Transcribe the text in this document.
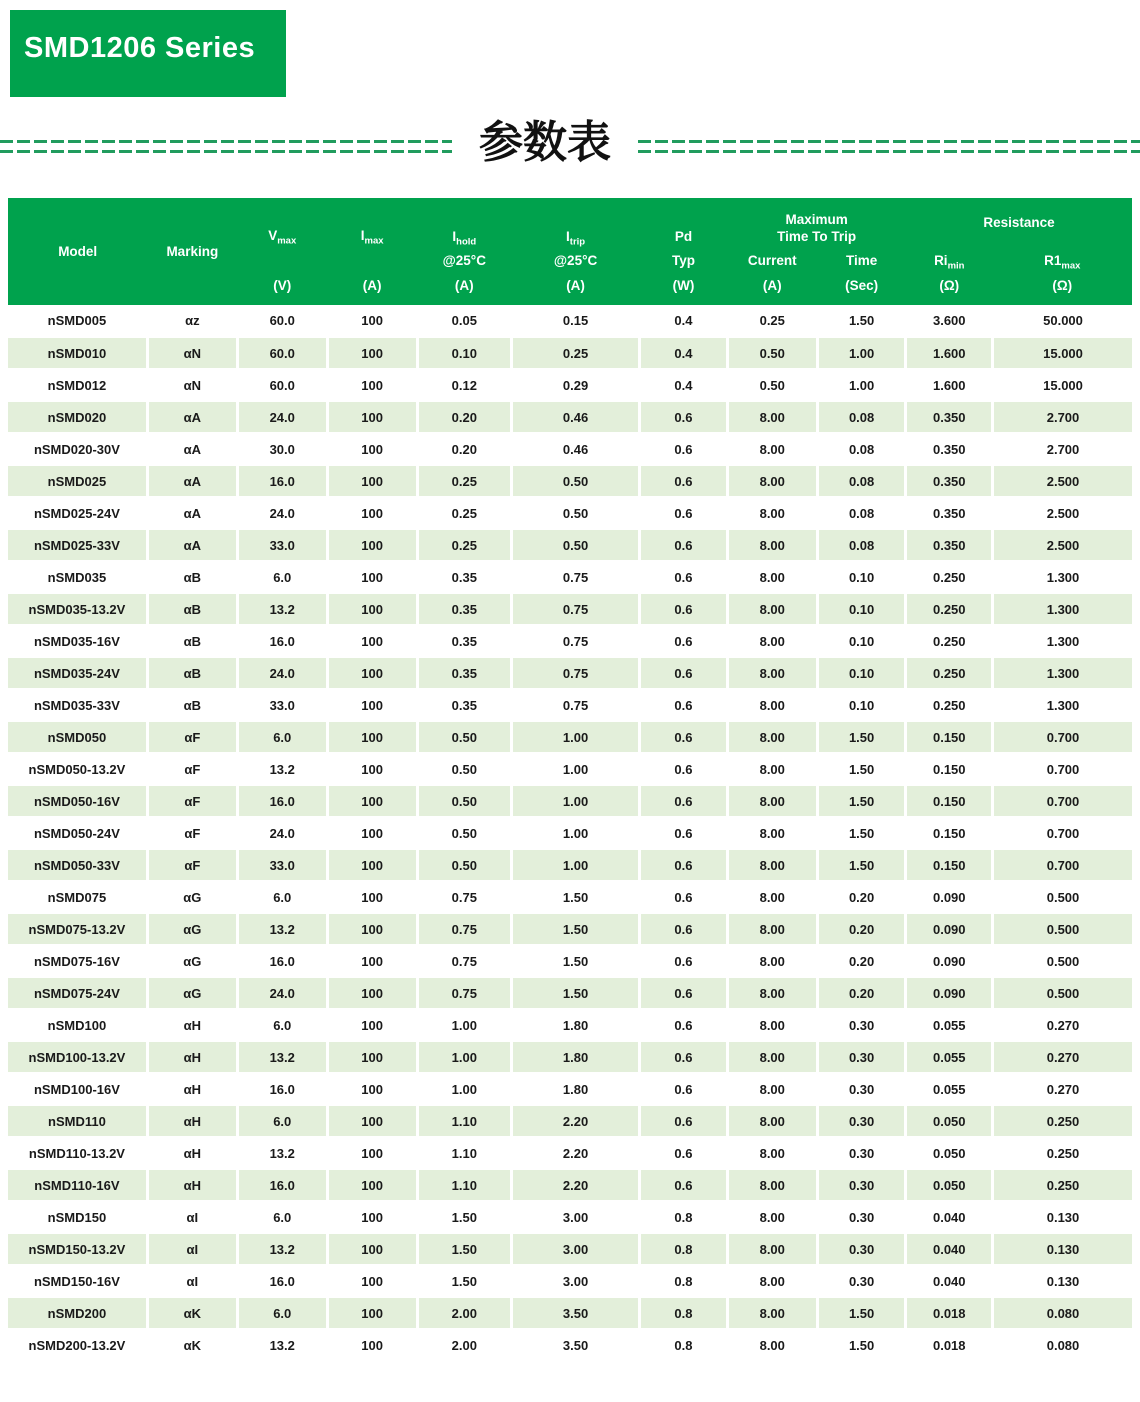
SMD1206 Series
参数表
Model	Marking	$V_{max}$	$I_{max}$	$I_{hold}$	$I_{trip}$	Pd	Maximum
Time To Trip		Resistance	
				@25°C	@25°C	Typ	Current	Time	$Ri_{min}$	$R1_{max}$
		(V)	(A)	(A)	(A)	(W)	(A)	(Sec)	(Ω)	(Ω)
nSMD005	αz	60.0	100	0.05	0.15	0.4	0.25	1.50	3.600	50.000
nSMD010	αN	60.0	100	0.10	0.25	0.4	0.50	1.00	1.600	15.000
nSMD012	αN	60.0	100	0.12	0.29	0.4	0.50	1.00	1.600	15.000
nSMD020	αA	24.0	100	0.20	0.46	0.6	8.00	0.08	0.350	2.700
nSMD020-30V	αA	30.0	100	0.20	0.46	0.6	8.00	0.08	0.350	2.700
nSMD025	αA	16.0	100	0.25	0.50	0.6	8.00	0.08	0.350	2.500
nSMD025-24V	αA	24.0	100	0.25	0.50	0.6	8.00	0.08	0.350	2.500
nSMD025-33V	αA	33.0	100	0.25	0.50	0.6	8.00	0.08	0.350	2.500
nSMD035	αB	6.0	100	0.35	0.75	0.6	8.00	0.10	0.250	1.300
nSMD035-13.2V	αB	13.2	100	0.35	0.75	0.6	8.00	0.10	0.250	1.300
nSMD035-16V	αB	16.0	100	0.35	0.75	0.6	8.00	0.10	0.250	1.300
nSMD035-24V	αB	24.0	100	0.35	0.75	0.6	8.00	0.10	0.250	1.300
nSMD035-33V	αB	33.0	100	0.35	0.75	0.6	8.00	0.10	0.250	1.300
nSMD050	αF	6.0	100	0.50	1.00	0.6	8.00	1.50	0.150	0.700
nSMD050-13.2V	αF	13.2	100	0.50	1.00	0.6	8.00	1.50	0.150	0.700
nSMD050-16V	αF	16.0	100	0.50	1.00	0.6	8.00	1.50	0.150	0.700
nSMD050-24V	αF	24.0	100	0.50	1.00	0.6	8.00	1.50	0.150	0.700
nSMD050-33V	αF	33.0	100	0.50	1.00	0.6	8.00	1.50	0.150	0.700
nSMD075	αG	6.0	100	0.75	1.50	0.6	8.00	0.20	0.090	0.500
nSMD075-13.2V	αG	13.2	100	0.75	1.50	0.6	8.00	0.20	0.090	0.500
nSMD075-16V	αG	16.0	100	0.75	1.50	0.6	8.00	0.20	0.090	0.500
nSMD075-24V	αG	24.0	100	0.75	1.50	0.6	8.00	0.20	0.090	0.500
nSMD100	αH	6.0	100	1.00	1.80	0.6	8.00	0.30	0.055	0.270
nSMD100-13.2V	αH	13.2	100	1.00	1.80	0.6	8.00	0.30	0.055	0.270
nSMD100-16V	αH	16.0	100	1.00	1.80	0.6	8.00	0.30	0.055	0.270
nSMD110	αH	6.0	100	1.10	2.20	0.6	8.00	0.30	0.050	0.250
nSMD110-13.2V	αH	13.2	100	1.10	2.20	0.6	8.00	0.30	0.050	0.250
nSMD110-16V	αH	16.0	100	1.10	2.20	0.6	8.00	0.30	0.050	0.250
nSMD150	αI	6.0	100	1.50	3.00	0.8	8.00	0.30	0.040	0.130
nSMD150-13.2V	αI	13.2	100	1.50	3.00	0.8	8.00	0.30	0.040	0.130
nSMD150-16V	αI	16.0	100	1.50	3.00	0.8	8.00	0.30	0.040	0.130
nSMD200	αK	6.0	100	2.00	3.50	0.8	8.00	1.50	0.018	0.080
nSMD200-13.2V	αK	13.2	100	2.00	3.50	0.8	8.00	1.50	0.018	0.080
